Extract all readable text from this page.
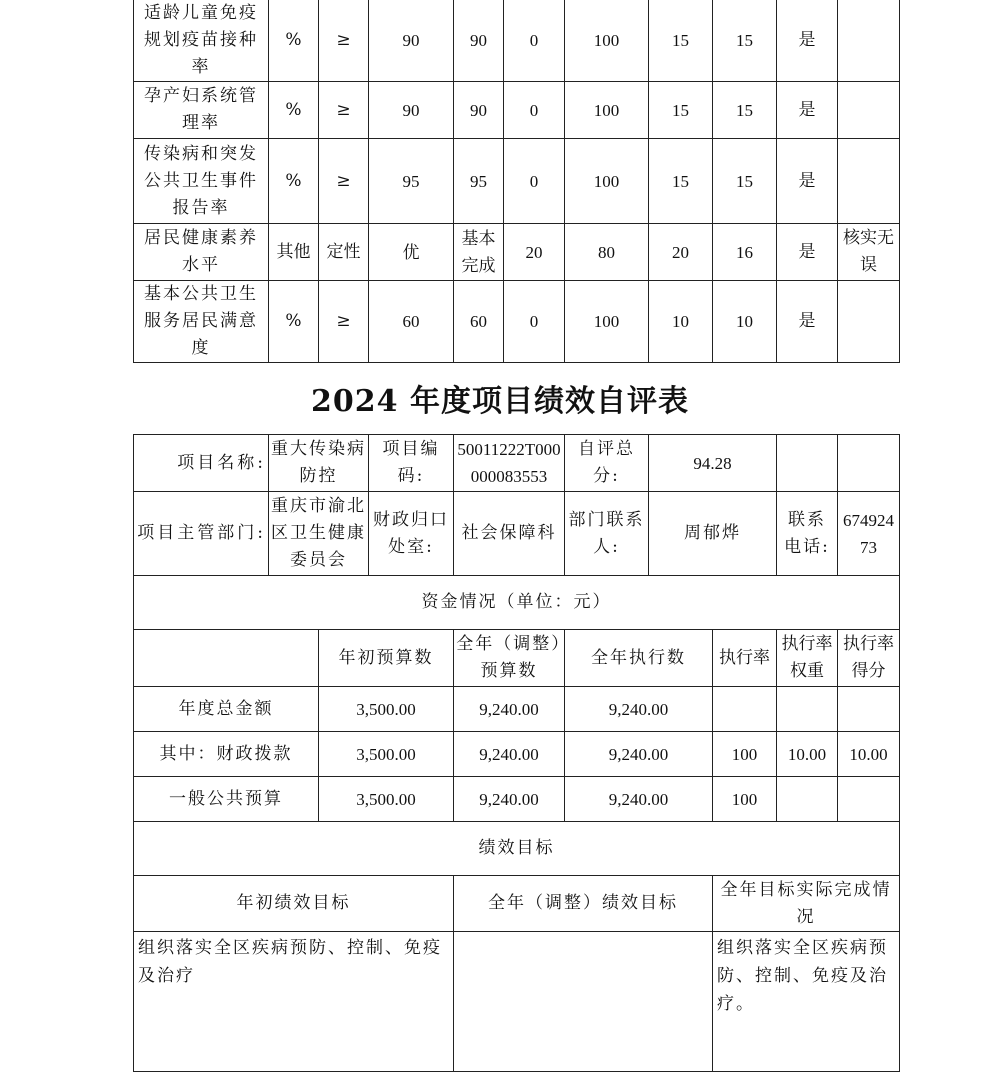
适龄儿童免疫规划疫苗接种率	%	≥	90	90	0	100	15	15	是	
孕产妇系统管理率	%	≥	90	90	0	100	15	15	是	
传染病和突发公共卫生事件报告率	%	≥	95	95	0	100	15	15	是	
居民健康素养水平	其他	定性	优	基本完成	20	80	20	16	是	核实无误
基本公共卫生服务居民满意度	%	≥	60	60	0	100	10	10	是	
2024 年度项目绩效自评表
项目名称:	重大传染病防控		项目编码:	50011222T000000083553	自评总分:	94.28			
项目主管部门:	重庆市渝北区卫生健康委员会		财政归口处室:	社会保障科	部门联系人:	周郁烨		联系电话:	67492473
资金情况（单位：元）									
		年初预算数		全年（调整）预算数	全年执行数		执行率	执行率权重	执行率得分
年度总金额		3,500.00		9,240.00	9,240.00				
其中：财政拨款		3,500.00		9,240.00	9,240.00		100	10.00	10.00
一般公共预算		3,500.00		9,240.00	9,240.00		100		
绩效目标									
年初绩效目标				全年（调整）绩效目标			全年目标实际完成情况		
组织落实全区疾病预防、控制、免疫及治疗							组织落实全区疾病预防、控制、免疫及治疗。		
